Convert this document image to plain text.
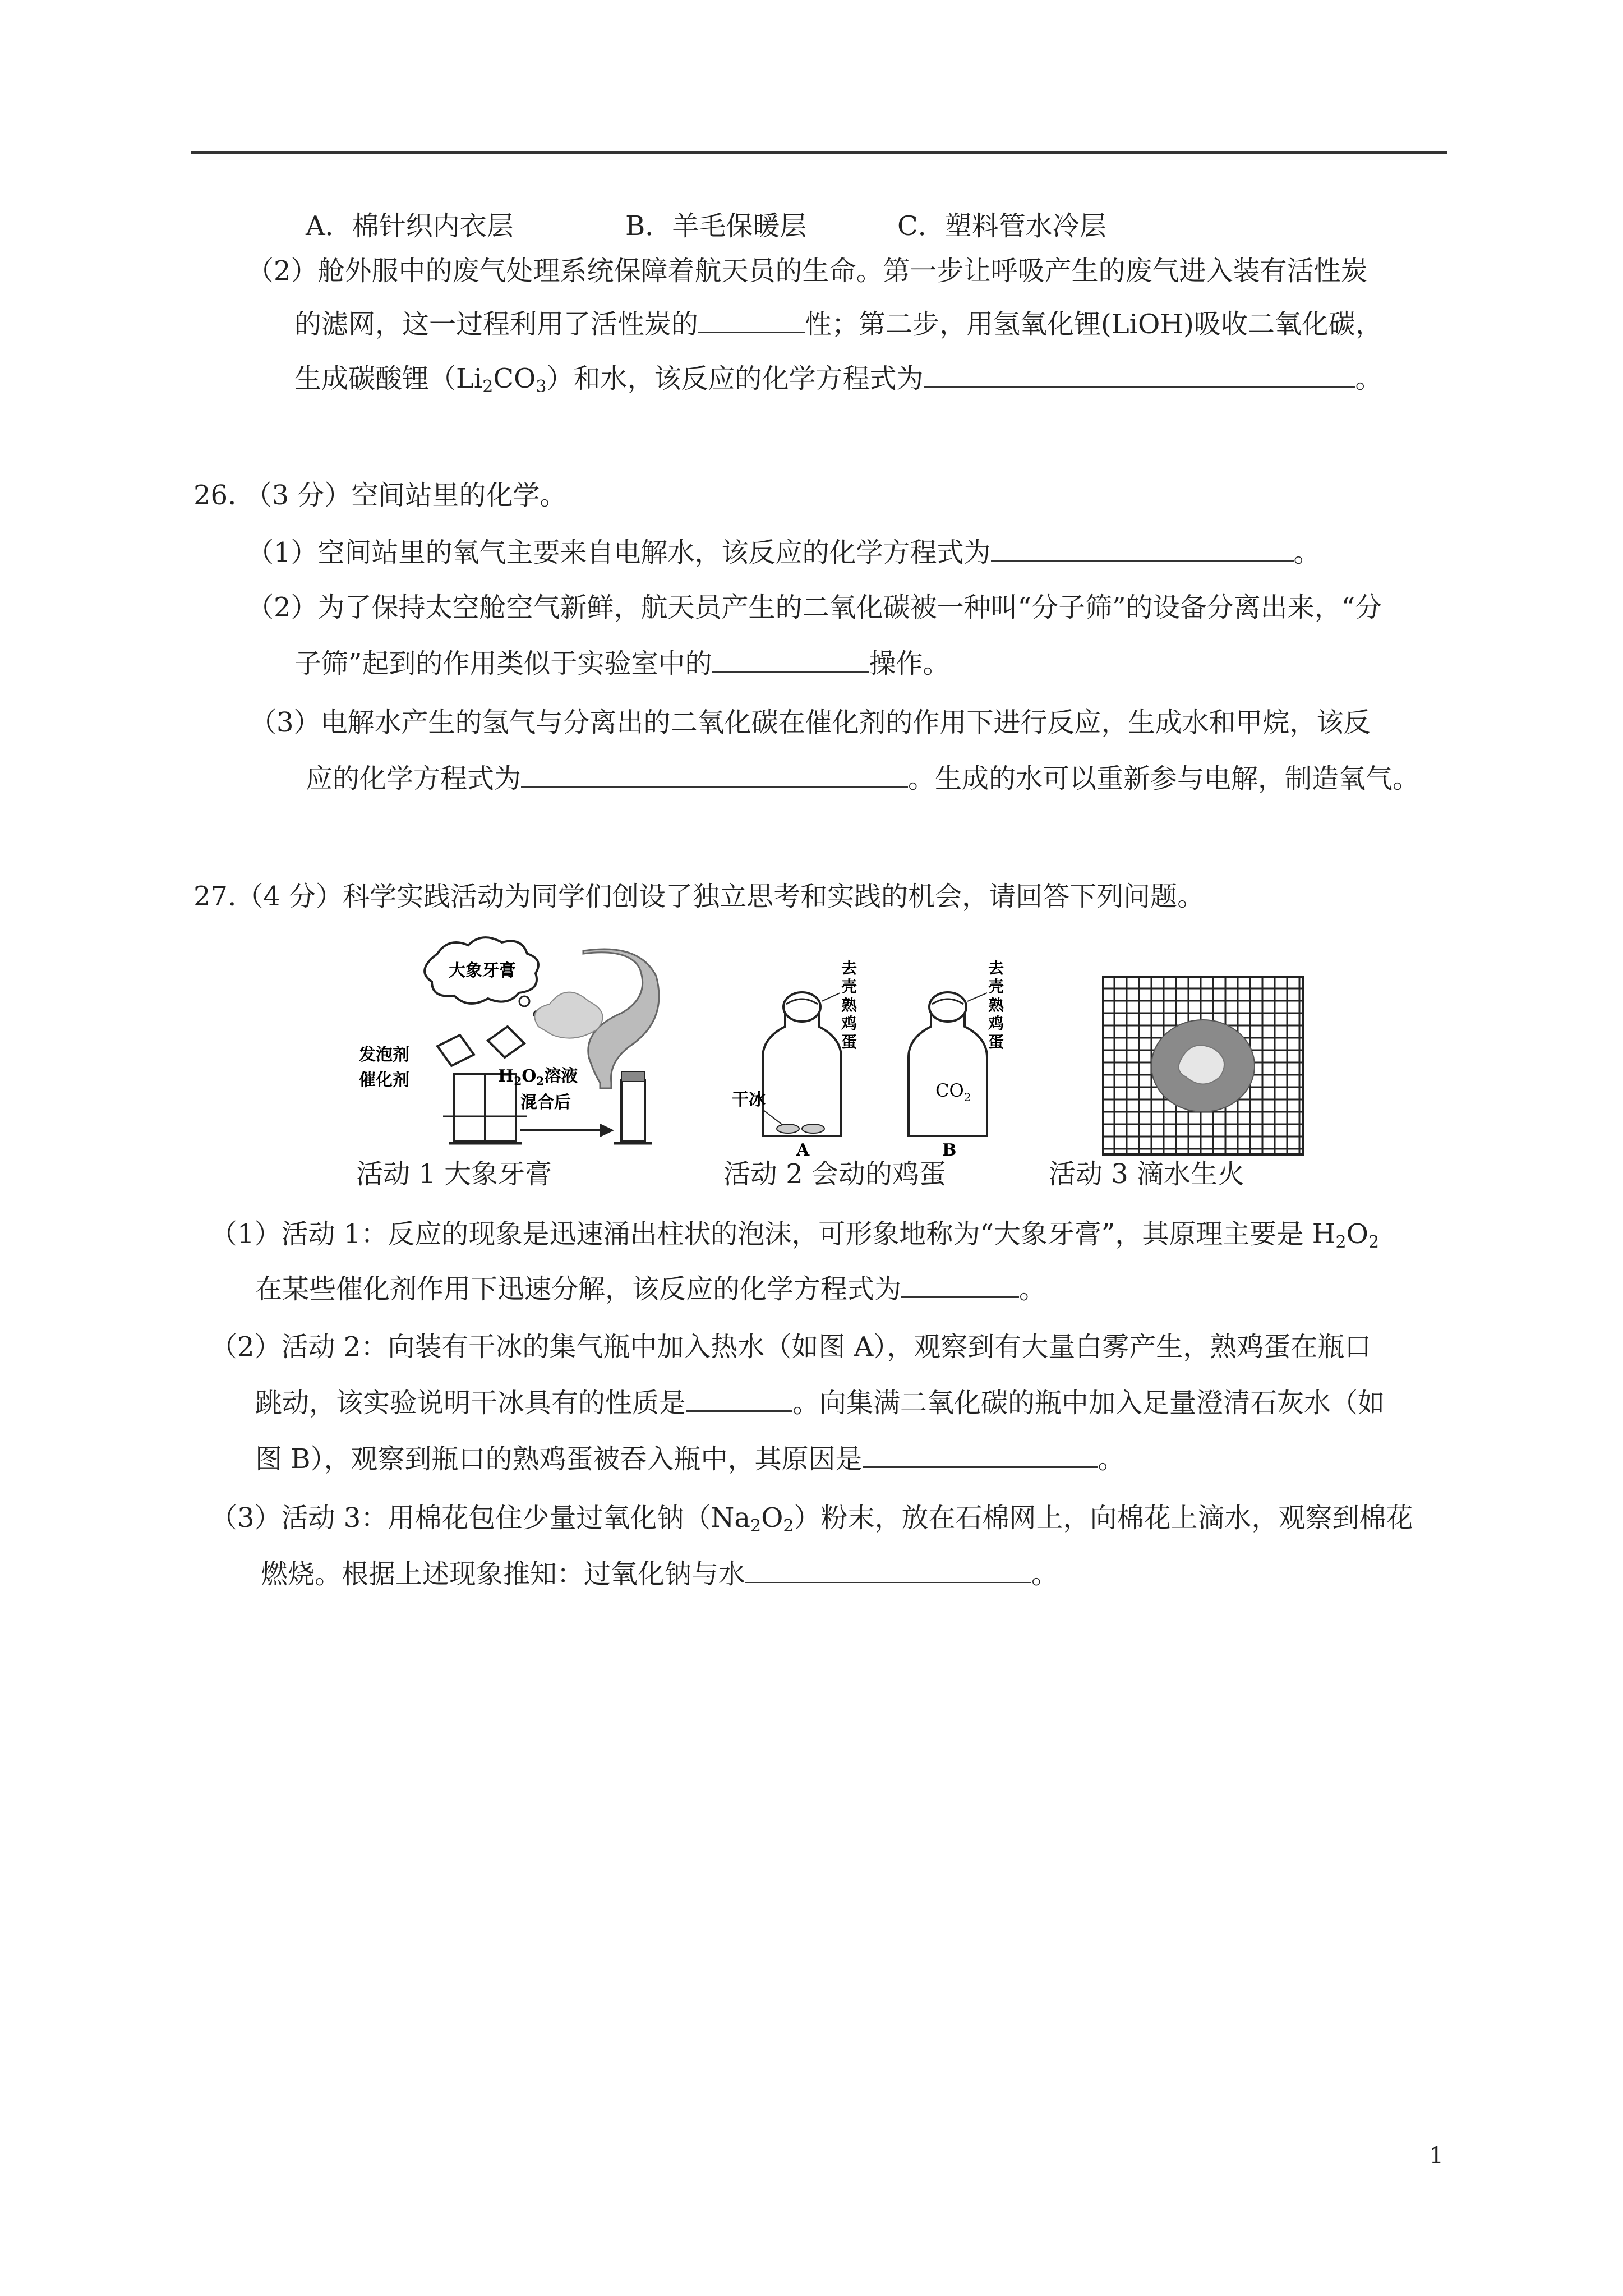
A．棉针织内衣层	B．羊毛保暖层	C．塑料管水冷层
（2）舱外服中的废气处理系统保障着航天员的生命。第一步让呼吸产生的废气进入装有活性炭
的滤网，这一过程利用了活性炭的	性；第二步，用氢氧化锂(LiOH)吸收二氧化碳，
生成碳酸锂$(Li_2CO_3)$和水，该反应的化学方程式为	。
26. （3 分）空间站里的化学。
（1）空间站里的氧气主要来自电解水，该反应的化学方程式为	。
（2）为了保持太空舱空气新鲜，航天员产生的二氧化碳被一种叫“分子筛”的设备分离出来，“分
子筛”起到的作用类似于实验室中的	操作。
（3）电解水产生的氢气与分离出的二氧化碳在催化剂的作用下进行反应，生成水和甲烷，该反
应的化学方程式为	。生成的水可以重新参与电解，制造氧气。
27.（4 分）科学实践活动为同学们创设了独立思考和实践的机会，请回答下列问题。
大象牙膏
发泡剂
催化剂	$H_2O_2$溶液
混合后	干冰
A
去
壳
熟
鸡
蛋
$CO_2$
B
去
壳
熟
鸡
蛋
活动 1 大象牙膏	活动 2 会动的鸡蛋	活动 3 滴水生火
（1）活动 1：反应的现象是迅速涌出柱状的泡沫，可形象地称为“大象牙膏”，其原理主要是 $H_2O_2$
在某些催化剂作用下迅速分解，该反应的化学方程式为	。
（2）活动 2：向装有干冰的集气瓶中加入热水（如图 A），观察到有大量白雾产生，熟鸡蛋在瓶口
跳动，该实验说明干冰具有的性质是	。向集满二氧化碳的瓶中加入足量澄清石灰水（如
图 B），观察到瓶口的熟鸡蛋被吞入瓶中，其原因是	。
（3）活动 3：用棉花包住少量过氧化钠$(Na_2O_2)$粉末，放在石棉网上，向棉花上滴水，观察到棉花
燃烧。根据上述现象推知：过氧化钠与水	。
1
